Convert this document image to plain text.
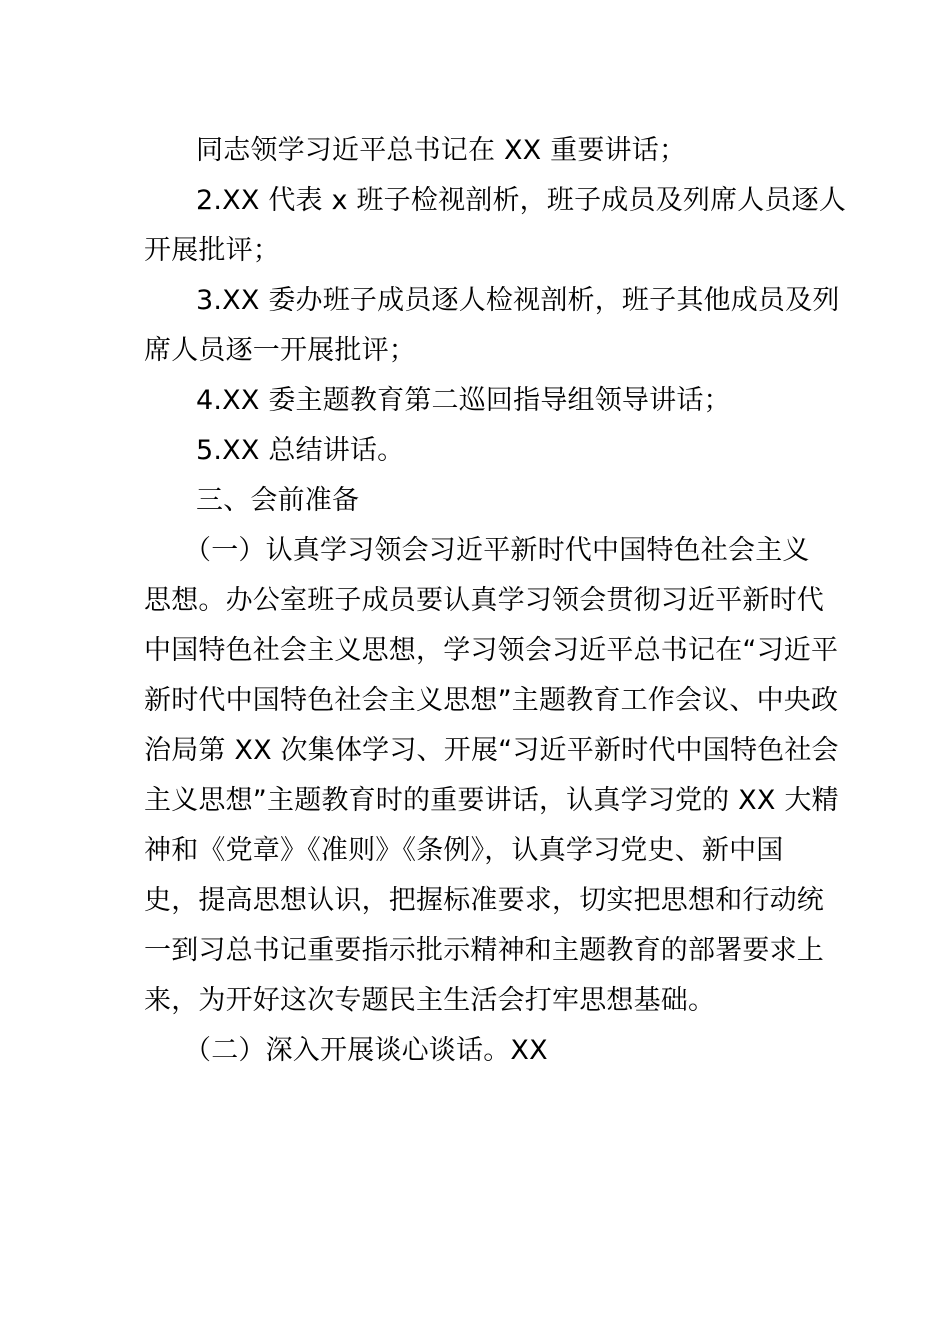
同志领学习近平总书记在 XX 重要讲话；
2.XX 代表 x 班子检视剖析，班子成员及列席人员逐人
开展批评；
3.XX 委办班子成员逐人检视剖析，班子其他成员及列
席人员逐一开展批评；
4.XX 委主题教育第二巡回指导组领导讲话；
5.XX 总结讲话。
三、会前准备
（一）认真学习领会习近平新时代中国特色社会主义
思想。办公室班子成员要认真学习领会贯彻习近平新时代
中国特色社会主义思想，学习领会习近平总书记在“习近平
新时代中国特色社会主义思想”主题教育工作会议、中央政
治局第 XX 次集体学习、开展“习近平新时代中国特色社会
主义思想”主题教育时的重要讲话，认真学习党的 XX 大精
神和《党章》《准则》《条例》，认真学习党史、新中国
史，提高思想认识，把握标准要求，切实把思想和行动统
一到习总书记重要指示批示精神和主题教育的部署要求上
来，为开好这次专题民主生活会打牢思想基础。
（二）深入开展谈心谈话。XX
